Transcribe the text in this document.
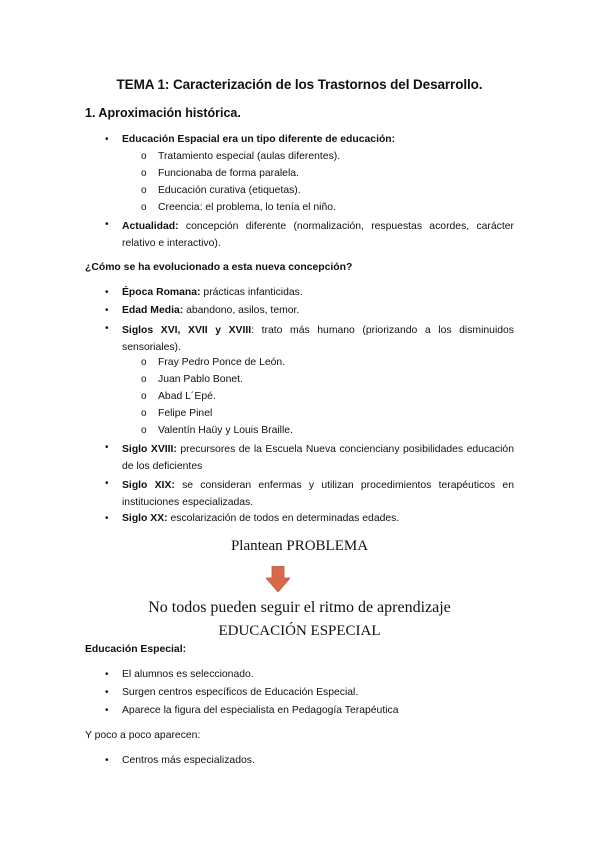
TEMA 1: Caracterización de los Trastornos del Desarrollo.
1. Aproximación histórica.
• Educación Espacial era un tipo diferente de educación:
o Tratamiento especial (aulas diferentes).
o Funcionaba de forma paralela.
o Educación curativa (etiquetas).
o Creencia: el problema, lo tenía el niño.
• Actualidad: concepción diferente (normalización, respuestas acordes, carácter relativo e interactivo).
¿Cómo se ha evolucionado a esta nueva concepción?
• Época Romana: prácticas infanticidas.
• Edad Media: abandono, asilos, temor.
• Siglos XVI, XVII y XVIII: trato más humano (priorizando a los disminuidos sensoriales).
o Fray Pedro Ponce de León.
o Juan Pablo Bonet.
o Abad L´Epé.
o Felipe Pinel
o Valentín Haüy y Louis Braille.
• Siglo XVIII: precursores de la Escuela Nueva concienciany posibilidades educación de los deficientes
• Siglo XIX: se consideran enfermas y utilizan procedimientos terapéuticos en instituciones especializadas.
• Siglo XX: escolarización de todos en determinadas edades.
Plantean PROBLEMA
No todos pueden seguir el ritmo de aprendizaje
EDUCACIÓN ESPECIAL
Educación Especial:
• El alumnos es seleccionado.
• Surgen centros específicos de Educación Especial.
• Aparece la figura del especialista en Pedagogía Terapéutica
Y poco a poco aparecen:
• Centros más especializados.
